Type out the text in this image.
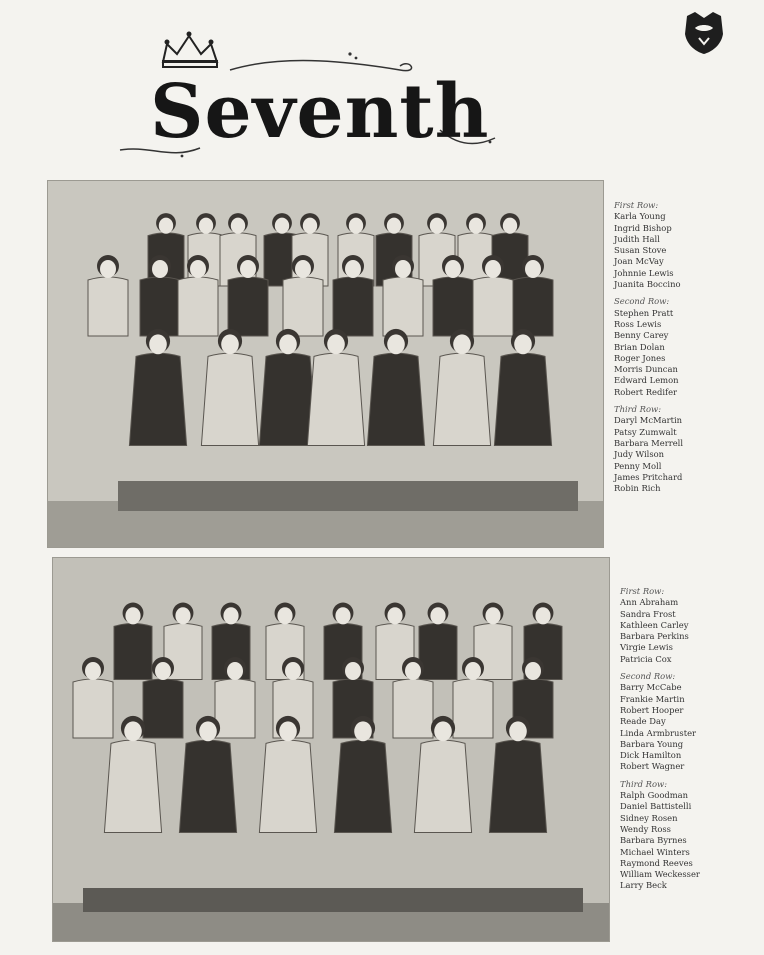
Seventh
First Row:
Karla Young
Ingrid Bishop
Judith Hall
Susan Stove
Joan McVay
Johnnie Lewis
Juanita Boccino
Second Row:
Stephen Pratt
Ross Lewis
Benny Carey
Brian Dolan
Roger Jones
Morris Duncan
Edward Lemon
Robert Redifer
Third Row:
Daryl McMartin
Patsy Zumwalt
Barbara Merrell
Judy Wilson
Penny Moll
James Pritchard
Robin Rich
First Row:
Ann Abraham
Sandra Frost
Kathleen Carley
Barbara Perkins
Virgie Lewis
Patricia Cox
Second Row:
Barry McCabe
Frankie Martin
Robert Hooper
Reade Day
Linda Armbruster
Barbara Young
Dick Hamilton
Robert Wagner
Third Row:
Ralph Goodman
Daniel Battistelli
Sidney Rosen
Wendy Ross
Barbara Byrnes
Michael Winters
Raymond Reeves
William Weckesser
Larry Beck
